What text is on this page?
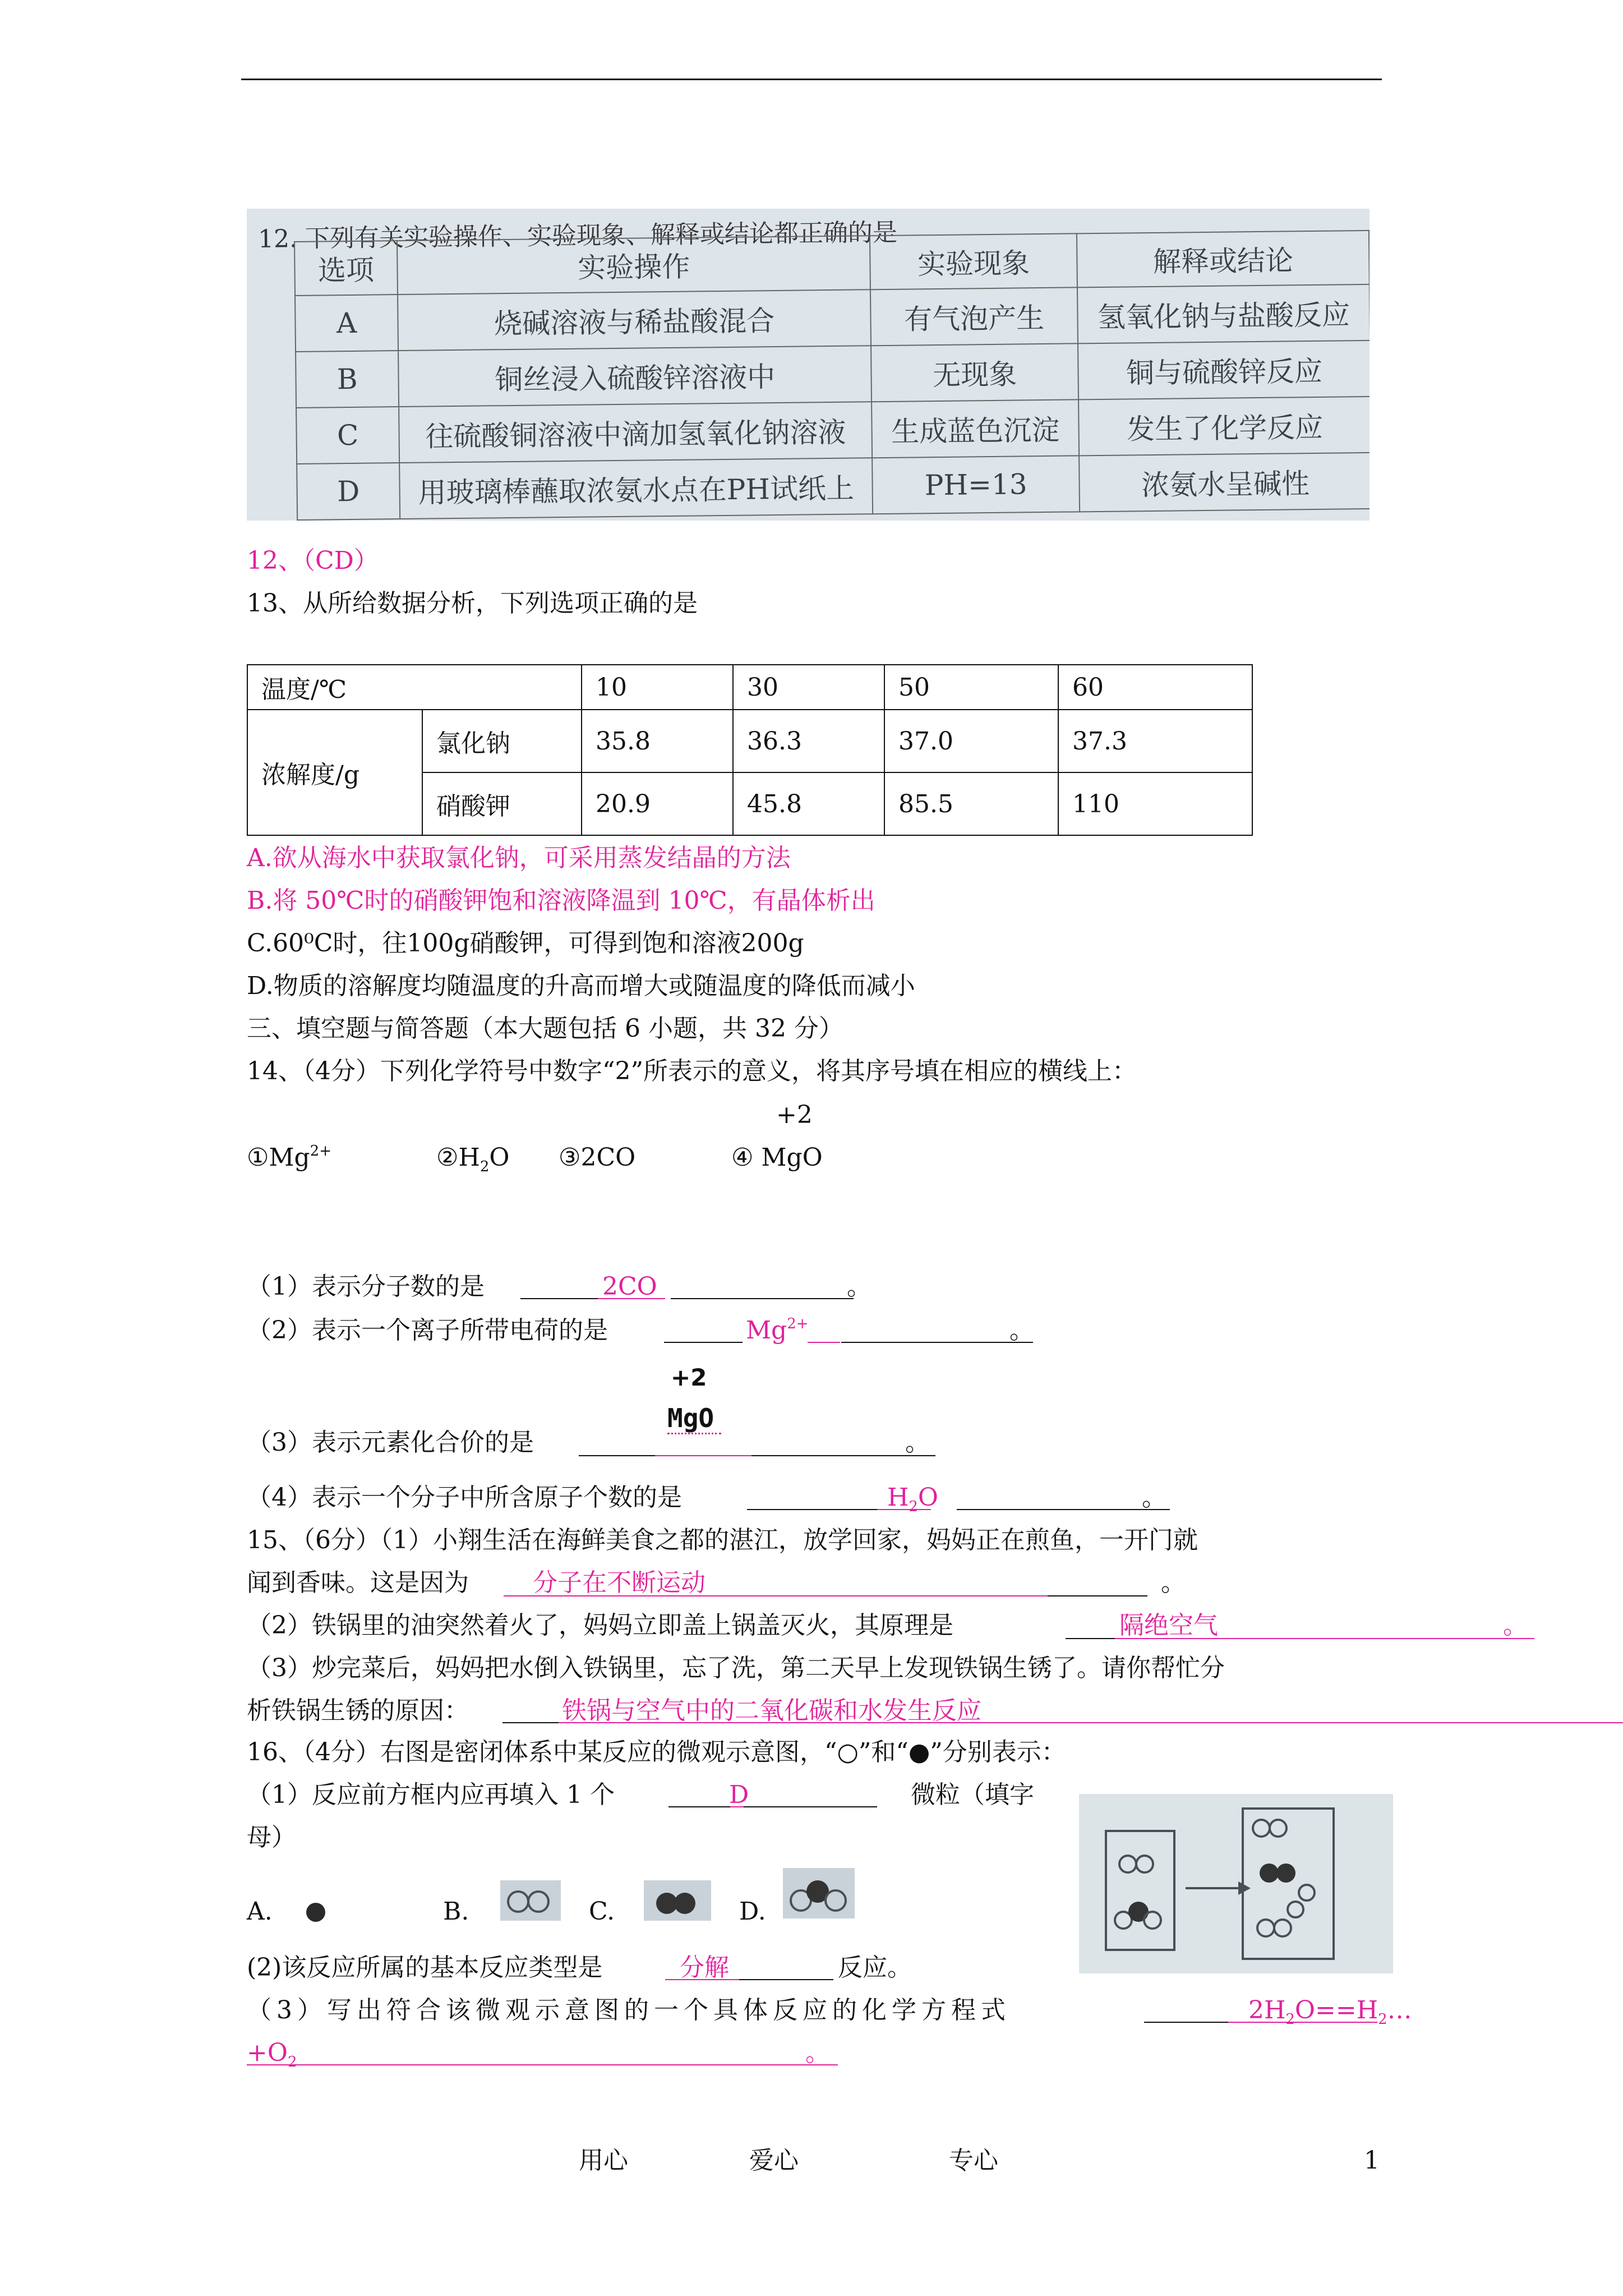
12. 下列有关实验操作、实验现象、解释或结论都正确的是
选项	实验操作	实验现象	解释或结论
A	烧碱溶液与稀盐酸混合	有气泡产生	氢氧化钠与盐酸反应
B	铜丝浸入硫酸锌溶液中	无现象	铜与硫酸锌反应
C	往硫酸铜溶液中滴加氢氧化钠溶液	生成蓝色沉淀	发生了化学反应
D	用玻璃棒蘸取浓氨水点在PH试纸上	PH=13	浓氨水呈碱性
12、（CD）
13、从所给数据分析，下列选项正确的是
温度/℃		10	30	50	60
浓解度/g	氯化钠	35.8	36.3	37.0	37.3
	硝酸钾	20.9	45.8	85.5	110
A.欲从海水中获取氯化钠，可采用蒸发结晶的方法
B.将 50℃时的硝酸钾饱和溶液降温到 10℃，有晶体析出
C.60⁰C时，往100g硝酸钾，可得到饱和溶液200g
D.物质的溶解度均随温度的升高而增大或随温度的降低而减小
三、填空题与简答题（本大题包括 6 小题，共 32 分）
14、（4分）下列化学符号中数字“2”所表示的意义，将其序号填在相应的横线上：
+2
$①Mg^{2+}$	$②H_2O$ ③2CO	④ MgO
（1）表示分子数的是	2CO	。
（2）表示一个离子所带电荷的是	$Mg^{2+}$	。
+2
MgO
（3）表示元素化合价的是	。
（4）表示一个分子中所含原子个数的是	$H_2O$	。
15、（6分）（1）小翔生活在海鲜美食之都的湛江，放学回家，妈妈正在煎鱼，一开门就
闻到香味。这是因为	分子在不断运动	。
（2）铁锅里的油突然着火了，妈妈立即盖上锅盖灭火，其原理是	隔绝空气	。
（3）炒完菜后，妈妈把水倒入铁锅里，忘了洗，第二天早上发现铁锅生锈了。请你帮忙分
析铁锅生锈的原因：	铁锅与空气中的二氧化碳和水发生反应
16、（4分）右图是密闭体系中某反应的微观示意图，“○”和“●”分别表示：
（1）反应前方框内应再填入 1 个	D	微粒（填字
母）
A.	B.	C.	D.
(2)该反应所属的基本反应类型是	分解	反应。
（3）写出符合该微观示意图的一个具体反应的化学方程式	$2H_2O==H_2\dots$
$+O_2$	。
用心	爱心	专心	1
